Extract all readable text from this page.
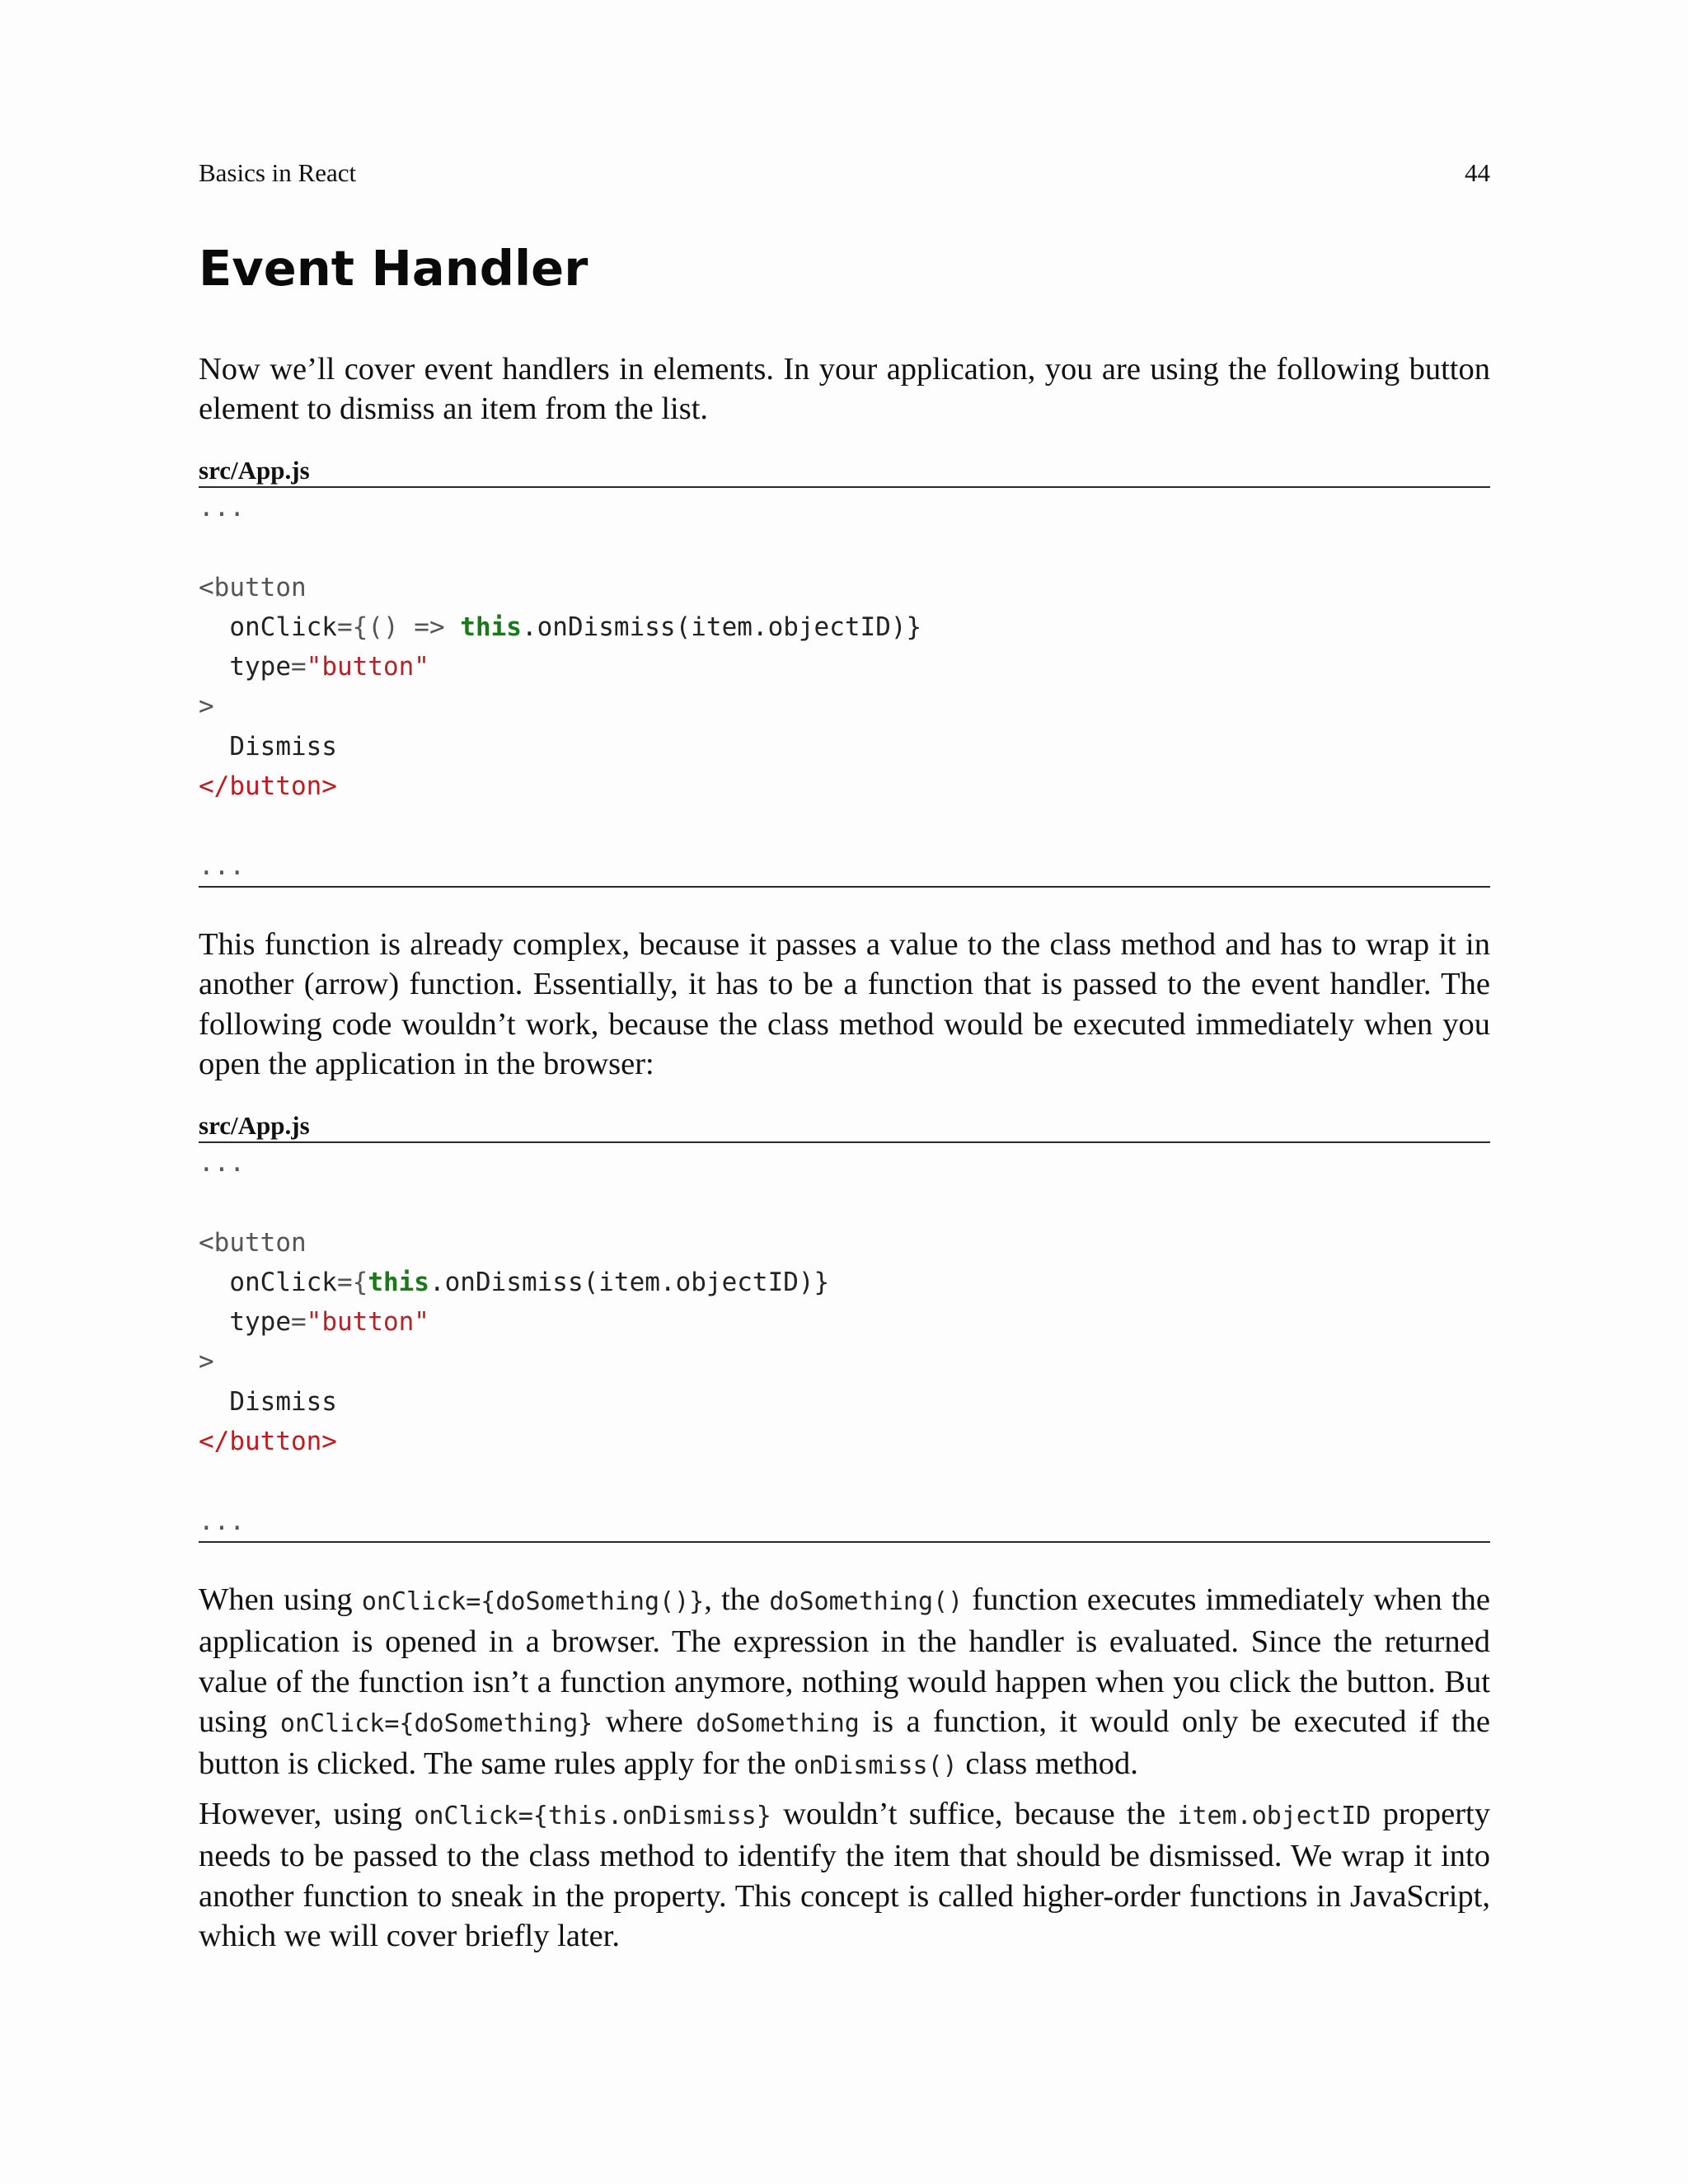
Basics in React	44
Event Handler

Now we’ll cover event handlers in elements. In your application, you are using the following button element to dismiss an item from the list.

src/App.js
...
<button
onClick={() => this.onDismiss(item.objectID)}
type="button"
>
Dismiss
</button>
...

This function is already complex, because it passes a value to the class method and has to wrap it in another (arrow) function. Essentially, it has to be a function that is passed to the event handler. The following code wouldn’t work, because the class method would be executed immediately when you open the application in the browser:

src/App.js
...
<button
onClick={this.onDismiss(item.objectID)}
type="button"
>
Dismiss
</button>
...

When using onClick={doSomething()}, the doSomething() function executes immediately when the application is opened in a browser. The expression in the handler is evaluated. Since the returned value of the function isn’t a function anymore, nothing would happen when you click the button. But using onClick={doSomething} where doSomething is a function, it would only be executed if the button is clicked. The same rules apply for the onDismiss() class method.

However, using onClick={this.onDismiss} wouldn’t suffice, because the item.objectID property needs to be passed to the class method to identify the item that should be dismissed. We wrap it into another function to sneak in the property. This concept is called higher-order functions in JavaScript, which we will cover briefly later.
